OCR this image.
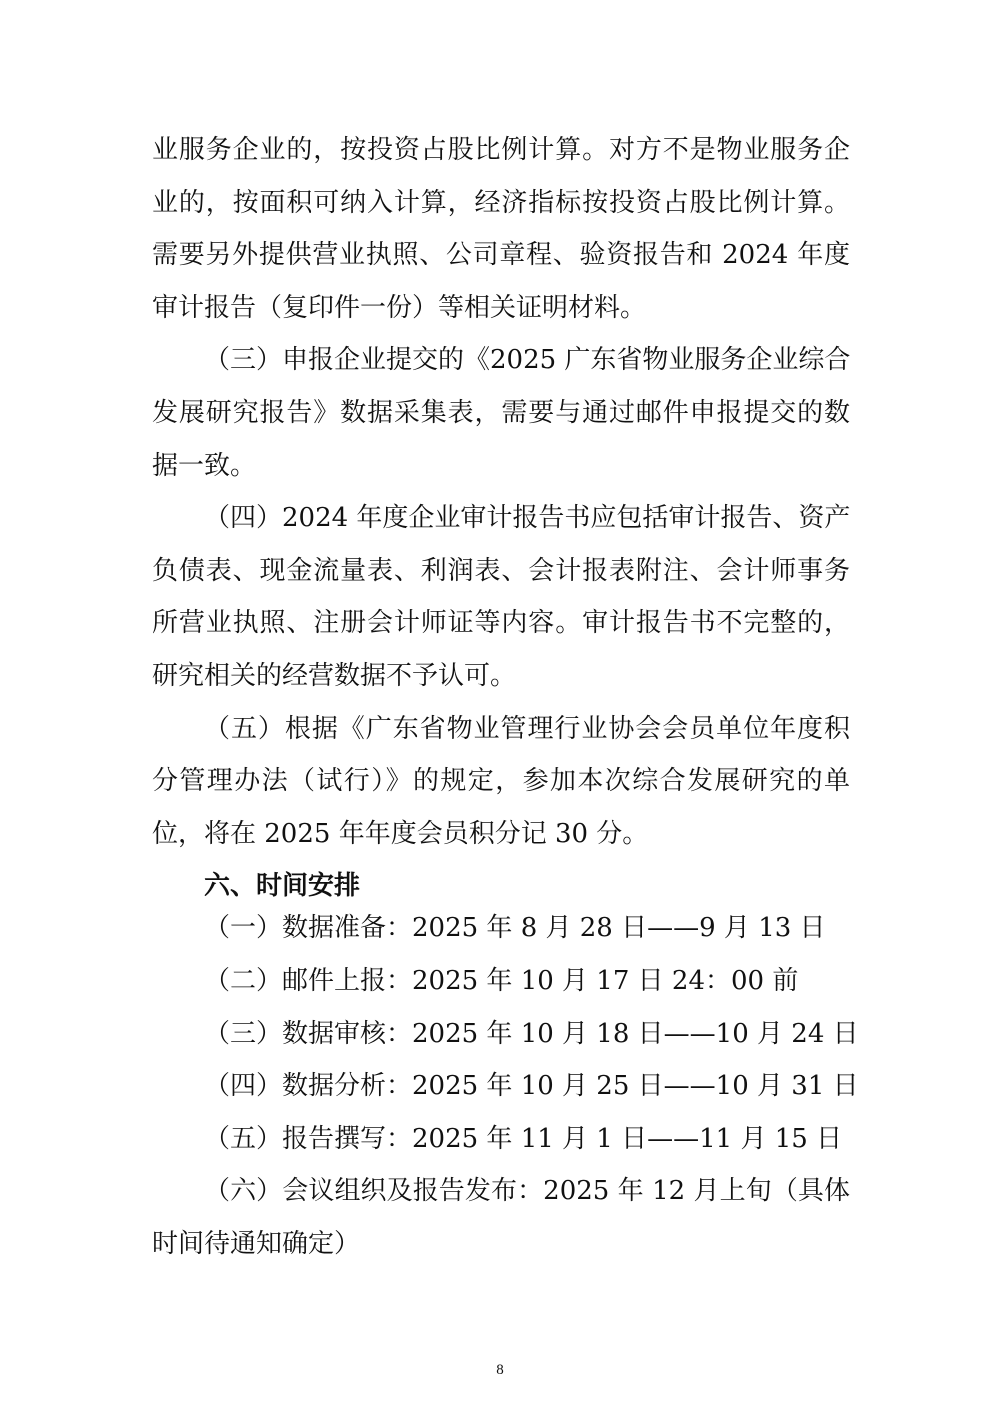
业服务企业的，按投资占股比例计算。对方不是物业服务企
业的，按面积可纳入计算，经济指标按投资占股比例计算。
需要另外提供营业执照、公司章程、验资报告和 2024 年度
审计报告（复印件一份）等相关证明材料。
（三）申报企业提交的《2025 广东省物业服务企业综合
发展研究报告》数据采集表，需要与通过邮件申报提交的数
据一致。
（四）2024 年度企业审计报告书应包括审计报告、资产
负债表、现金流量表、利润表、会计报表附注、会计师事务
所营业执照、注册会计师证等内容。审计报告书不完整的，
研究相关的经营数据不予认可。
（五）根据《广东省物业管理行业协会会员单位年度积
分管理办法（试行）》的规定，参加本次综合发展研究的单
位，将在 2025 年年度会员积分记 30 分。
六、时间安排
（一）数据准备：2025 年 8 月 28 日——9 月 13 日
（二）邮件上报：2025 年 10 月 17 日 24：00 前
（三）数据审核：2025 年 10 月 18 日——10 月 24 日
（四）数据分析：2025 年 10 月 25 日——10 月 31 日
（五）报告撰写：2025 年 11 月 1 日——11 月 15 日
（六）会议组织及报告发布：2025 年 12 月上旬（具体
时间待通知确定）
8
